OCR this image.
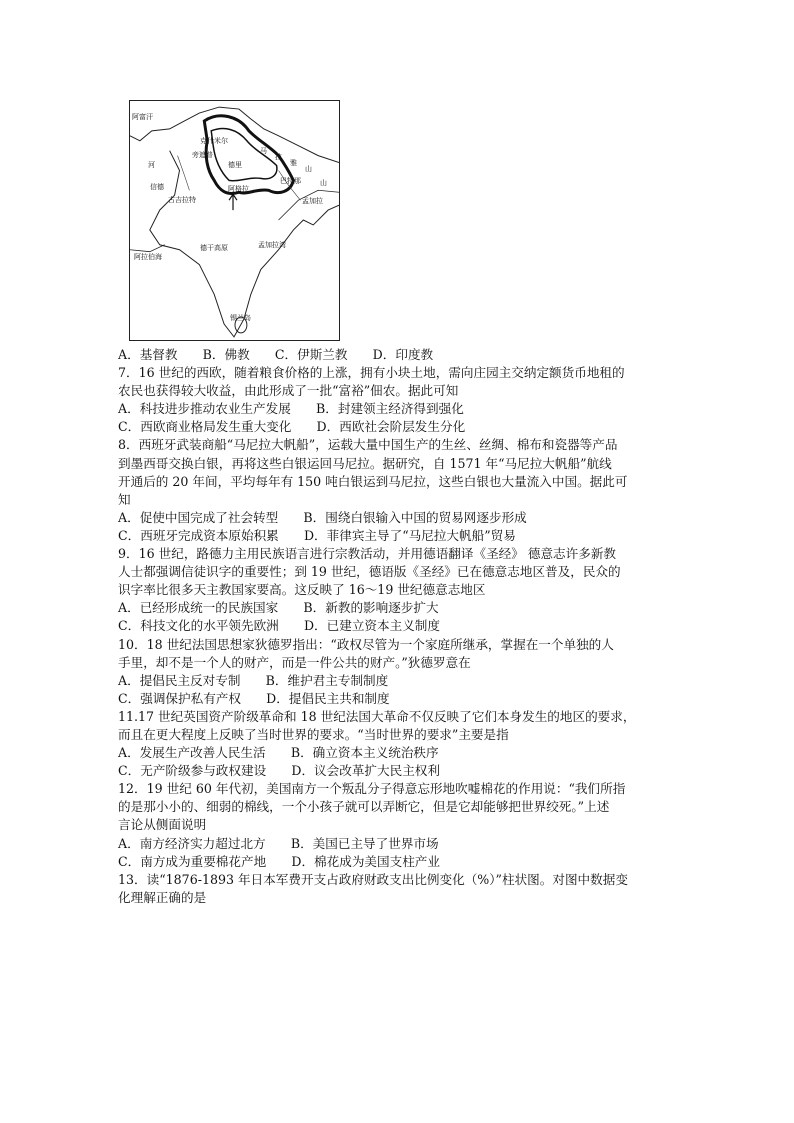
阿富汗
河
信德
古吉拉特
阿拉伯海
德干高原	孟加拉湾
锡兰岛
马
拉
雅
山
德里
阿格拉
巴特那
孟加拉
克什米尔
旁遮普
山
A．基督教　　B．佛教　　C．伊斯兰教　　D．印度教
7．16 世纪的西欧，随着粮食价格的上涨，拥有小块土地，需向庄园主交纳定额货币地租的
农民也获得较大收益，由此形成了一批“富裕”佃农。据此可知
A．科技进步推动农业生产发展　　B．封建领主经济得到强化
C．西欧商业格局发生重大变化　　D．西欧社会阶层发生分化
8．西班牙武装商船“马尼拉大帆船”，运载大量中国生产的生丝、丝绸、棉布和瓷器等产品
到墨西哥交换白银，再将这些白银运回马尼拉。据研究，自 1571 年“马尼拉大帆船”航线
开通后的 20 年间，平均每年有 150 吨白银运到马尼拉，这些白银也大量流入中国。据此可
知
A．促使中国完成了社会转型　　B．围绕白银输入中国的贸易网逐步形成
C．西班牙完成资本原始积累　　D．菲律宾主导了“马尼拉大帆船”贸易
9．16 世纪，路德力主用民族语言进行宗教活动，并用德语翻译《圣经》 德意志许多新教
人士都强调信徒识字的重要性；到 19 世纪，德语版《圣经》已在德意志地区普及，民众的
识字率比很多天主教国家要高。这反映了 16～19 世纪德意志地区
A．已经形成统一的民族国家　　B．新教的影响逐步扩大
C．科技文化的水平领先欧洲　　D．已建立资本主义制度
10．18 世纪法国思想家狄德罗指出：“政权尽管为一个家庭所继承，掌握在一个单独的人
手里，却不是一个人的财产，而是一件公共的财产。”狄德罗意在
A．提倡民主反对专制　　B．维护君主专制制度
C．强调保护私有产权　　D．提倡民主共和制度
11.17 世纪英国资产阶级革命和 18 世纪法国大革命不仅反映了它们本身发生的地区的要求，
而且在更大程度上反映了当时世界的要求。“当时世界的要求”主要是指
A．发展生产改善人民生活　　B．确立资本主义统治秩序
C．无产阶级参与政权建设　　D．议会改革扩大民主权利
12．19 世纪 60 年代初，美国南方一个叛乱分子得意忘形地吹嘘棉花的作用说：“我们所指
的是那小小的、细弱的棉线，一个小孩子就可以弄断它，但是它却能够把世界绞死。”上述
言论从侧面说明
A．南方经济实力超过北方　　B．美国已主导了世界市场
C．南方成为重要棉花产地　　D．棉花成为美国支柱产业
13．读“1876-1893 年日本军费开支占政府财政支出比例变化（%）”柱状图。对图中数据变
化理解正确的是
